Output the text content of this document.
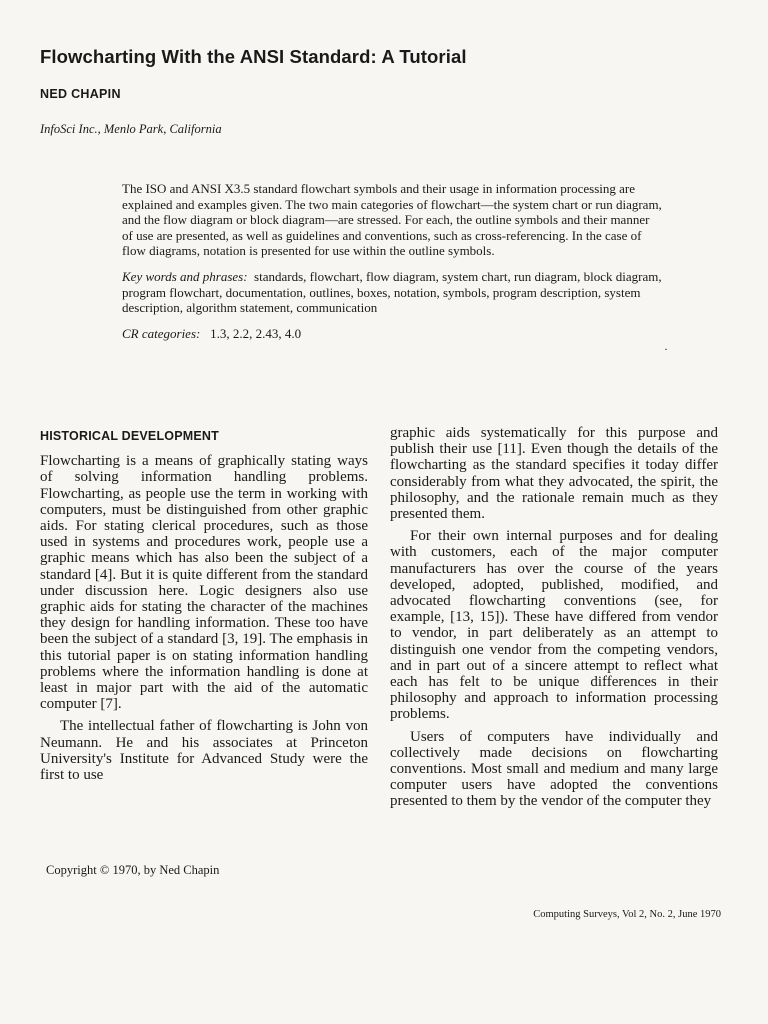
Flowcharting With the ANSI Standard: A Tutorial
NED CHAPIN
InfoSci Inc., Menlo Park, California

The ISO and ANSI X3.5 standard flowchart symbols and their usage in information processing are explained and examples given. The two main categories of flowchart—the system chart or run diagram, and the flow diagram or block diagram—are stressed. For each, the outline symbols and their manner of use are presented, as well as guidelines and conventions, such as cross-referencing. In the case of flow diagrams, notation is presented for use within the outline symbols.

Key words and phrases: standards, flowchart, flow diagram, system chart, run diagram, block diagram, program flowchart, documentation, outlines, boxes, notation, symbols, program description, system description, algorithm statement, communication

CR categories: 1.3, 2.2, 2.43, 4.0

·
HISTORICAL DEVELOPMENT

Flowcharting is a means of graphically stating ways of solving information handling problems. Flowcharting, as people use the term in working with computers, must be distinguished from other graphic aids. For stating clerical procedures, such as those used in systems and procedures work, people use a graphic means which has also been the subject of a standard [4]. But it is quite different from the standard under discussion here. Logic designers also use graphic aids for stating the character of the machines they design for handling information. These too have been the subject of a standard [3, 19]. The emphasis in this tutorial paper is on stating information handling problems where the information handling is done at least in major part with the aid of the automatic computer [7].

The intellectual father of flowcharting is John von Neumann. He and his associates at Princeton University's Institute for Advanced Study were the first to use

graphic aids systematically for this purpose and publish their use [11]. Even though the details of the flowcharting as the standard specifies it today differ considerably from what they advocated, the spirit, the philosophy, and the rationale remain much as they presented them.

For their own internal purposes and for dealing with customers, each of the major computer manufacturers has over the course of the years developed, adopted, published, modified, and advocated flowcharting conventions (see, for example, [13, 15]). These have differed from vendor to vendor, in part deliberately as an attempt to distinguish one vendor from the competing vendors, and in part out of a sincere attempt to reflect what each has felt to be unique differences in their philosophy and approach to information processing problems.

Users of computers have individually and collectively made decisions on flowcharting conventions. Most small and medium and many large computer users have adopted the conventions presented to them by the vendor of the computer they

Copyright © 1970, by Ned Chapin
Computing Surveys, Vol 2, No. 2, June 1970
